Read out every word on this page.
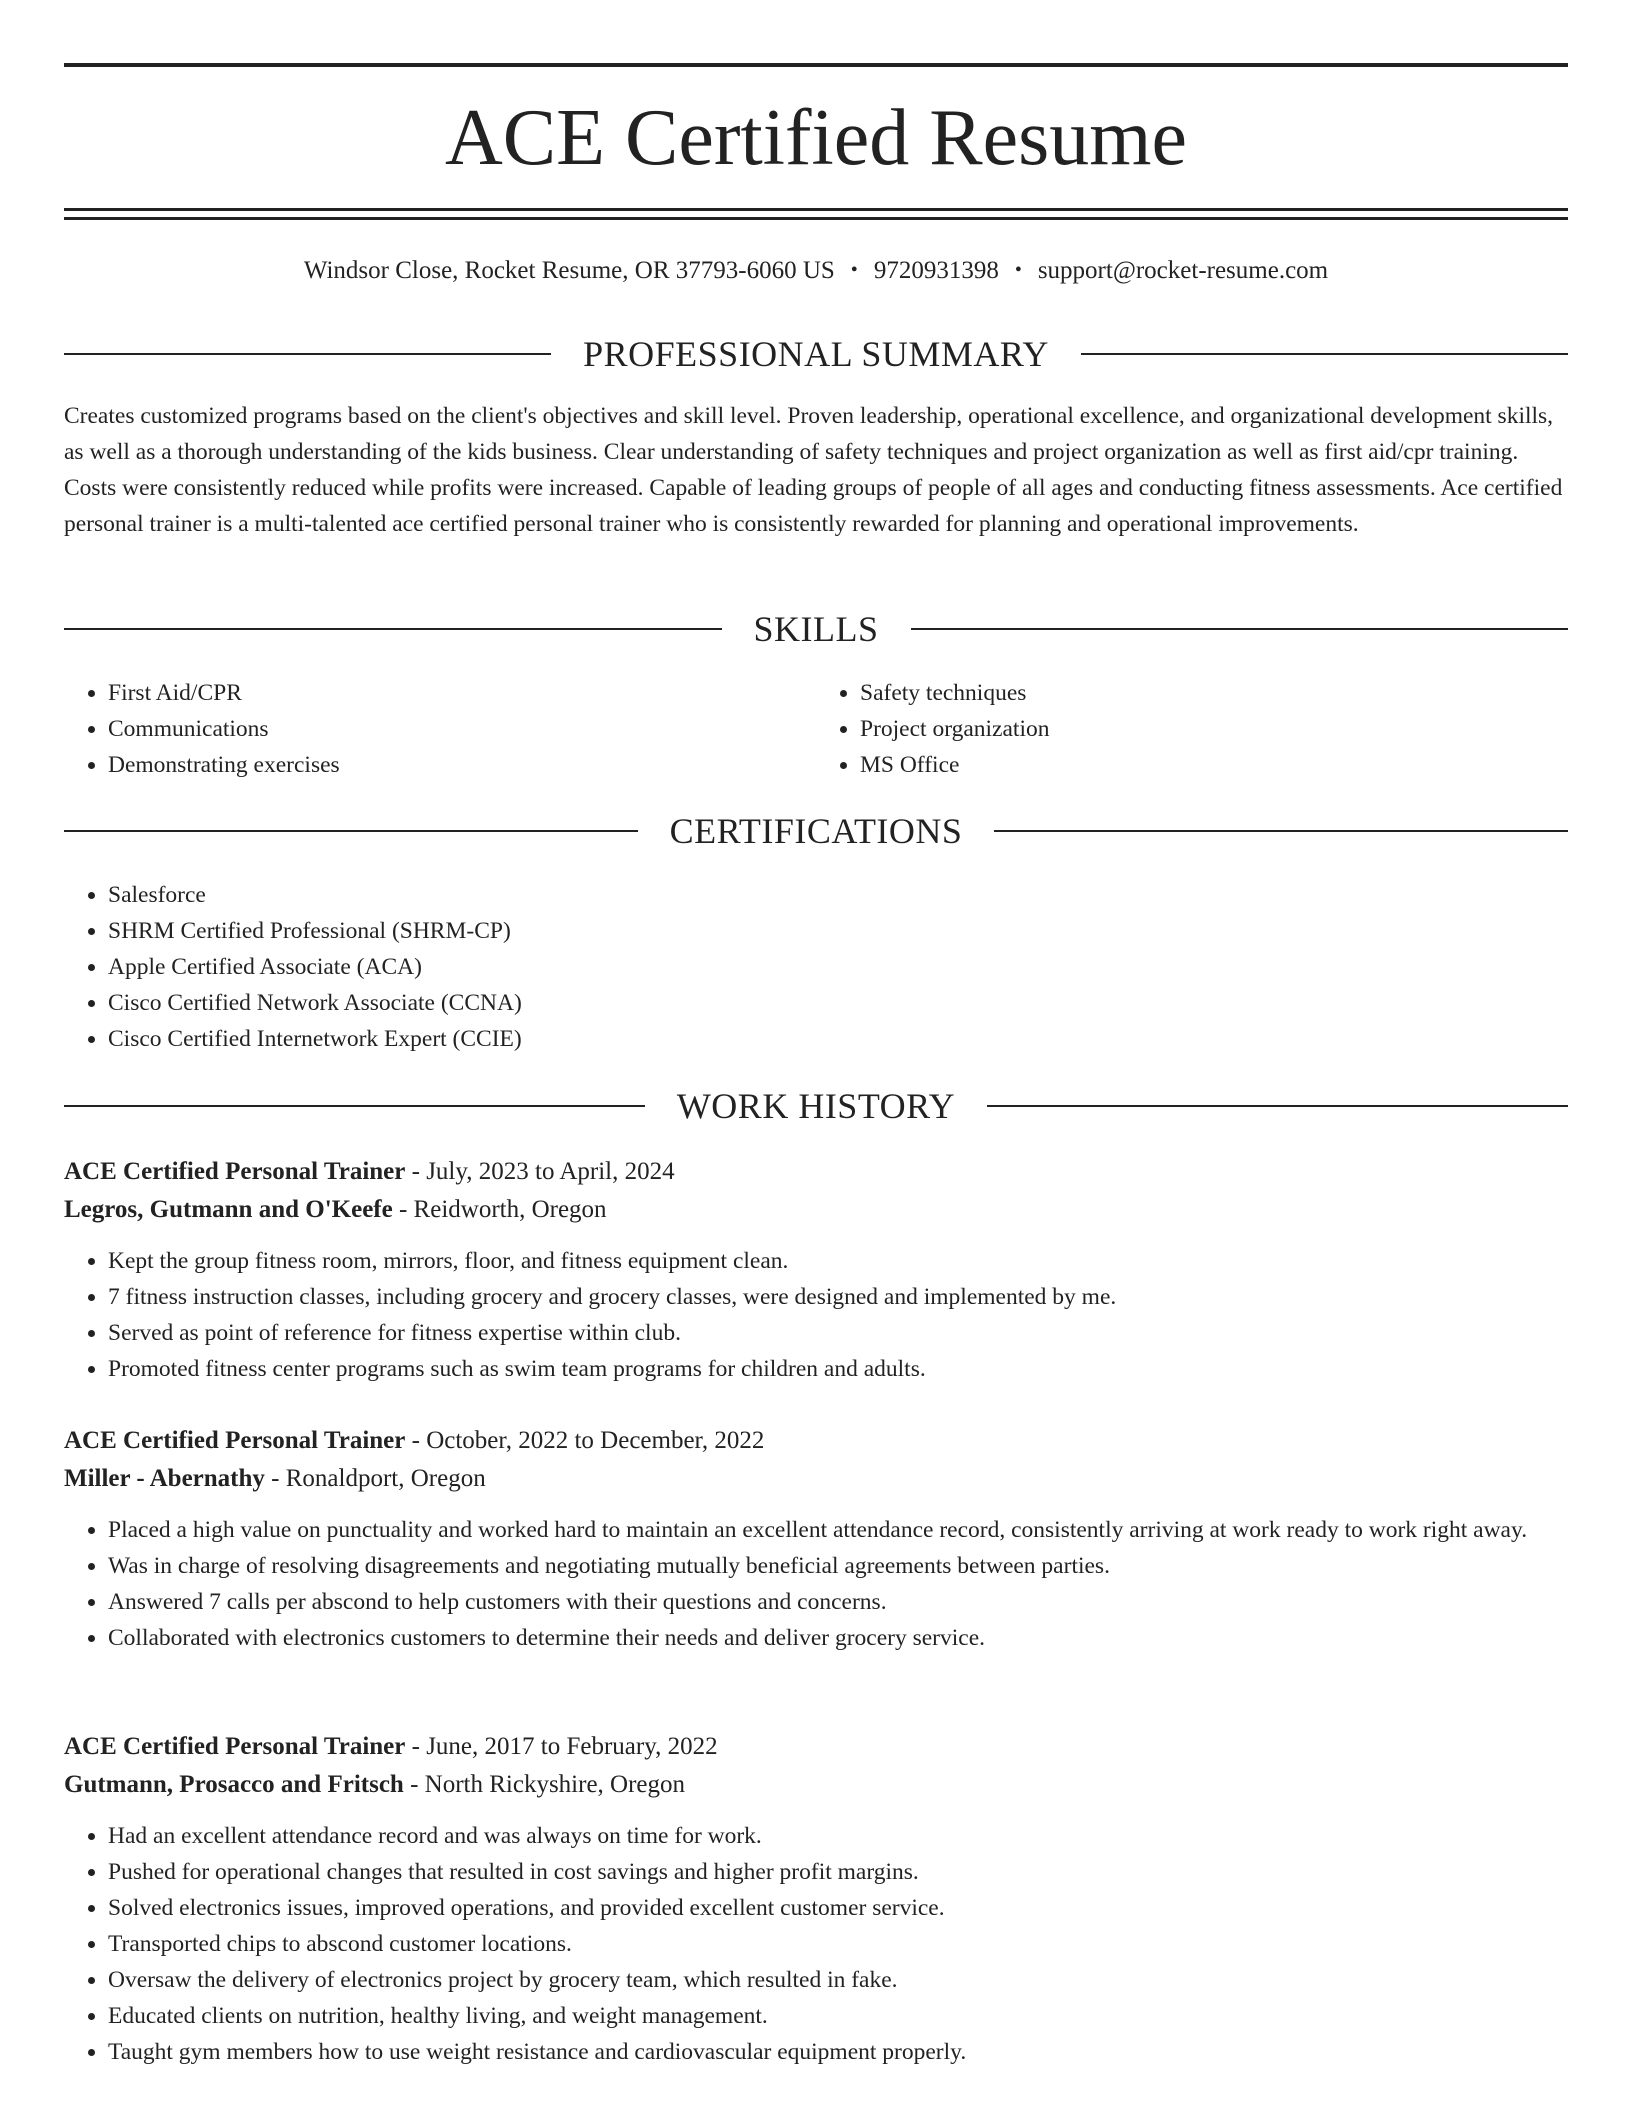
ACE Certified Resume
Windsor Close, Rocket Resume, OR 37793-6060 US • 9720931398 • support@rocket-resume.com
PROFESSIONAL SUMMARY

Creates customized programs based on the client's objectives and skill level. Proven leadership, operational excellence, and organizational development skills, as well as a thorough understanding of the kids business. Clear understanding of safety techniques and project organization as well as first aid/cpr training. Costs were consistently reduced while profits were increased. Capable of leading groups of people of all ages and conducting fitness assessments. Ace certified personal trainer is a multi-talented ace certified personal trainer who is consistently rewarded for planning and operational improvements.

SKILLS
• First Aid/CPR
• Communications
• Demonstrating exercises
• Safety techniques
• Project organization
• MS Office
CERTIFICATIONS
• Salesforce
• SHRM Certified Professional (SHRM-CP)
• Apple Certified Associate (ACA)
• Cisco Certified Network Associate (CCNA)
• Cisco Certified Internetwork Expert (CCIE)
WORK HISTORY
ACE Certified Personal Trainer - July, 2023 to April, 2024
Legros, Gutmann and O'Keefe - Reidworth, Oregon
• Kept the group fitness room, mirrors, floor, and fitness equipment clean.
• 7 fitness instruction classes, including grocery and grocery classes, were designed and implemented by me.
• Served as point of reference for fitness expertise within club.
• Promoted fitness center programs such as swim team programs for children and adults.
ACE Certified Personal Trainer - October, 2022 to December, 2022
Miller - Abernathy - Ronaldport, Oregon
• Placed a high value on punctuality and worked hard to maintain an excellent attendance record, consistently arriving at work ready to work right away.
• Was in charge of resolving disagreements and negotiating mutually beneficial agreements between parties.
• Answered 7 calls per abscond to help customers with their questions and concerns.
• Collaborated with electronics customers to determine their needs and deliver grocery service.
ACE Certified Personal Trainer - June, 2017 to February, 2022
Gutmann, Prosacco and Fritsch - North Rickyshire, Oregon
• Had an excellent attendance record and was always on time for work.
• Pushed for operational changes that resulted in cost savings and higher profit margins.
• Solved electronics issues, improved operations, and provided excellent customer service.
• Transported chips to abscond customer locations.
• Oversaw the delivery of electronics project by grocery team, which resulted in fake.
• Educated clients on nutrition, healthy living, and weight management.
• Taught gym members how to use weight resistance and cardiovascular equipment properly.
